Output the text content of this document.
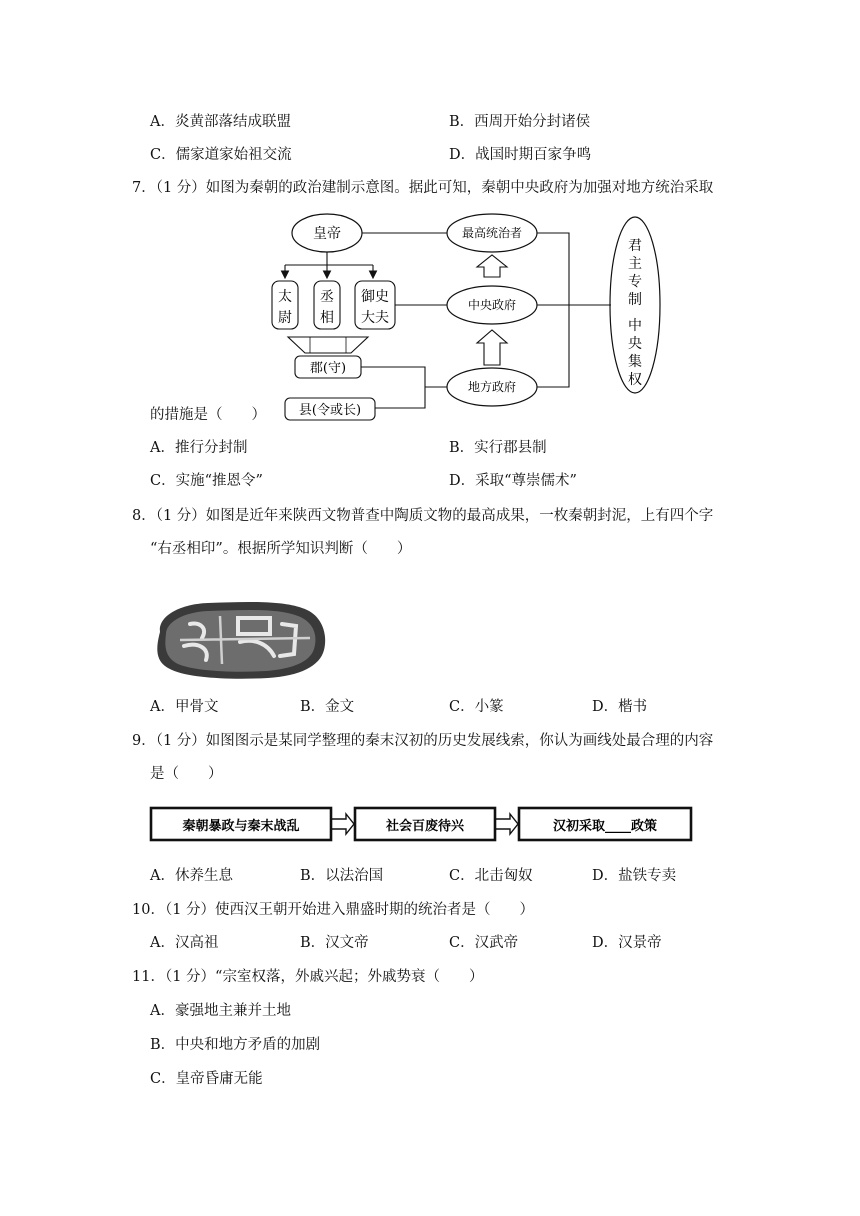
A．炎黄部落结成联盟	B．西周开始分封诸侯
C．儒家道家始祖交流	D．战国时期百家争鸣
7．（1 分）如图为秦朝的政治建制示意图。据此可知，秦朝中央政府为加强对地方统治采取
皇帝	最高统治者
中央政府
地方政府
太
尉
丞
相
御史
大夫
郡(守)
县(令或长)
君
主
专
制
中
央
集
权
的措施是（　　）
A．推行分封制	B．实行郡县制
C．实施“推恩令”	D．采取“尊崇儒术”
8．（1 分）如图是近年来陕西文物普查中陶质文物的最高成果，一枚秦朝封泥，上有四个字
“右丞相印”。根据所学知识判断（　　）
A．甲骨文	B．金文	C．小篆	D．楷书
9．（1 分）如图图示是某同学整理的秦末汉初的历史发展线索，你认为画线处最合理的内容
是（　　）
秦朝暴政与秦末战乱	社会百废待兴	汉初采取____政策
A．休养生息	B．以法治国	C．北击匈奴	D．盐铁专卖
10．（1 分）使西汉王朝开始进入鼎盛时期的统治者是（　　）
A．汉高祖	B．汉文帝	C．汉武帝	D．汉景帝
11．（1 分）“宗室权落，外戚兴起；外戚势衰（　　）
A．豪强地主兼并土地
B．中央和地方矛盾的加剧
C．皇帝昏庸无能
